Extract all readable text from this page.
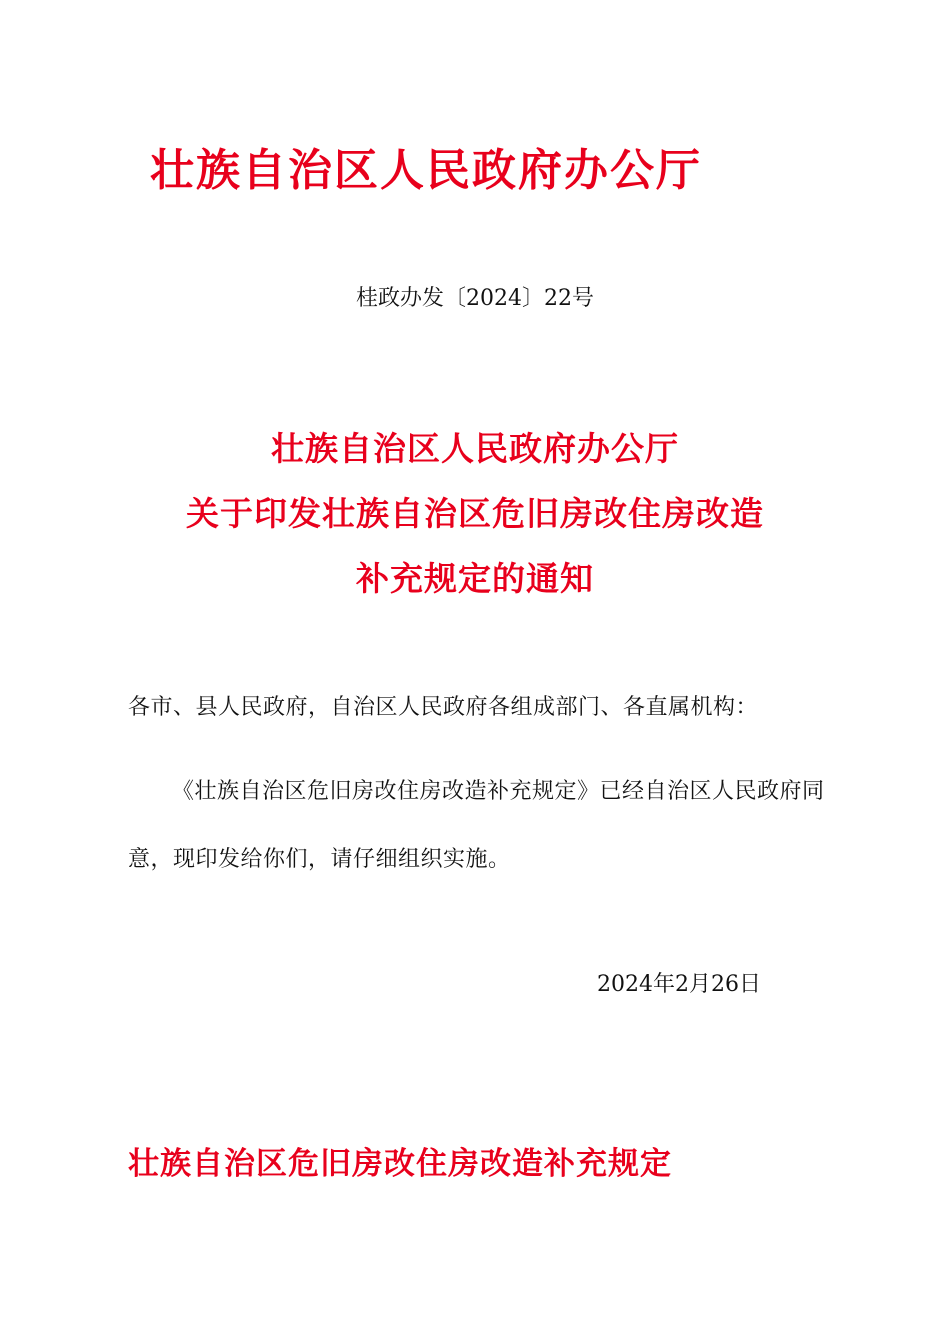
壮族自治区人民政府办公厅
桂政办发〔2024〕22号
壮族自治区人民政府办公厅
关于印发壮族自治区危旧房改住房改造
补充规定的通知
各市、县人民政府，自治区人民政府各组成部门、各直属机构：
《壮族自治区危旧房改住房改造补充规定》已经自治区人民政府同意，现印发给你们，请仔细组织实施。
2024年2月26日
壮族自治区危旧房改住房改造补充规定
